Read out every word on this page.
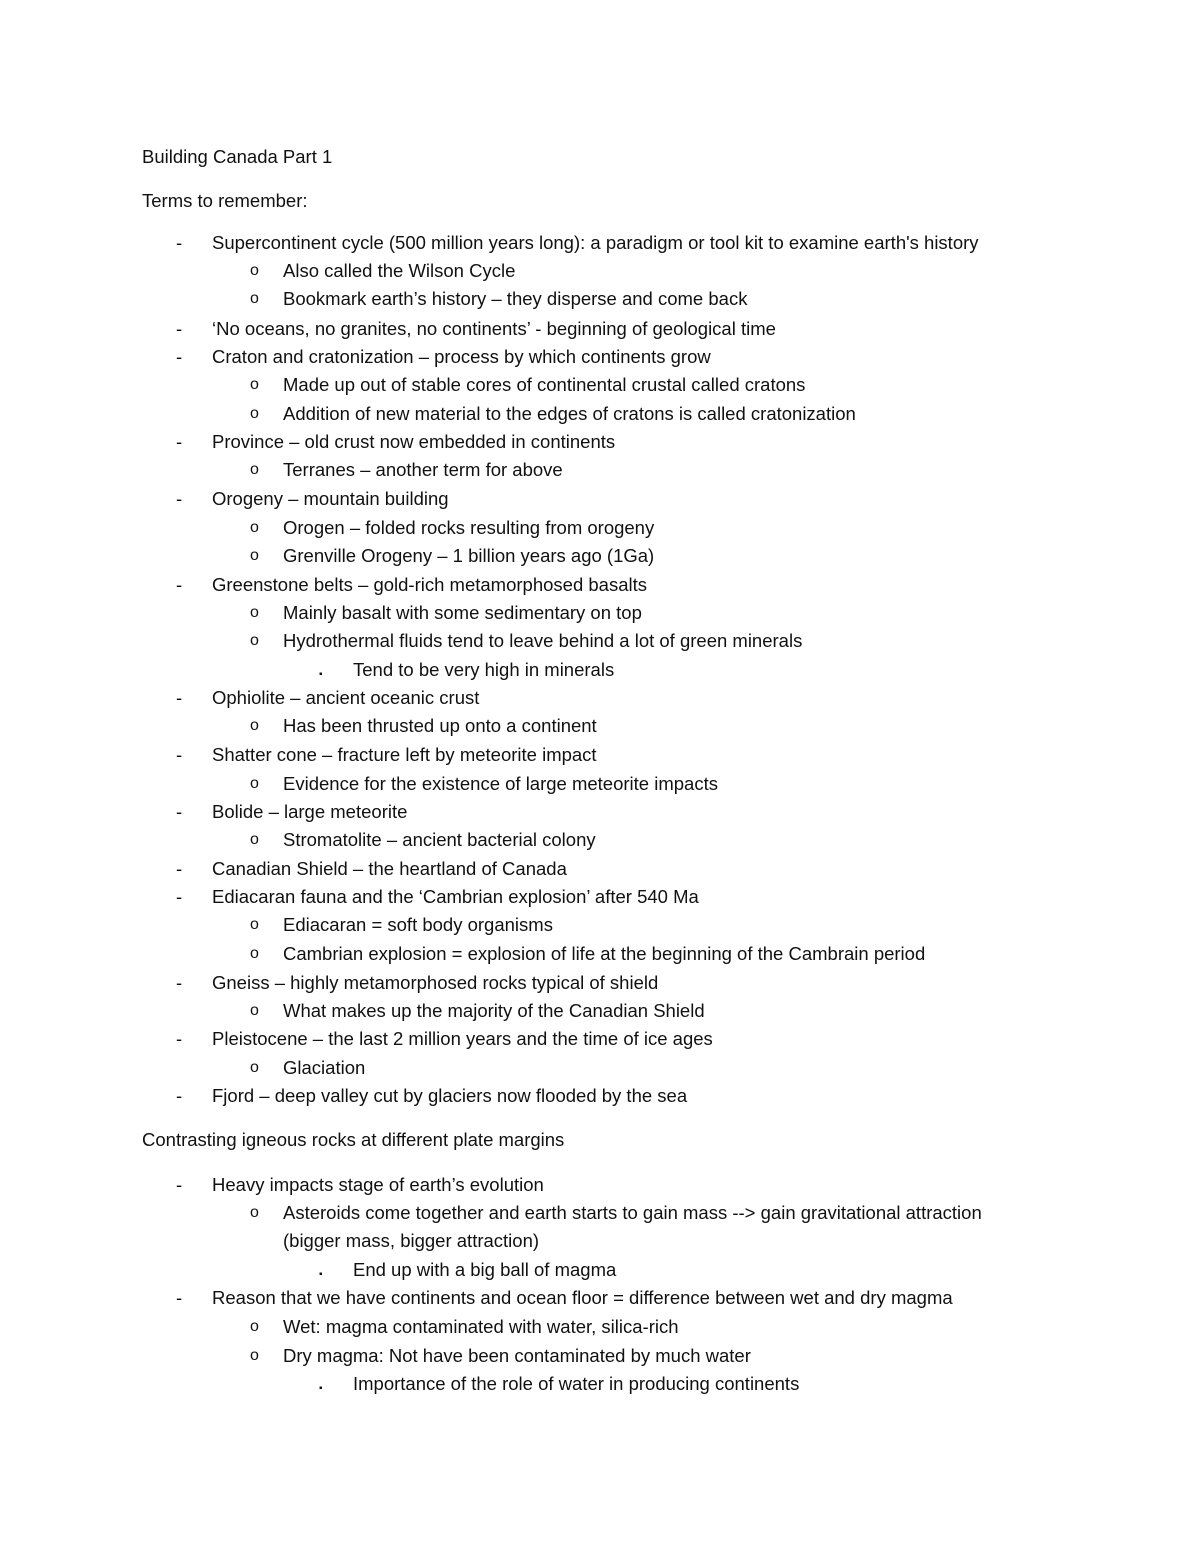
Building Canada Part 1
Terms to remember:
- Supercontinent cycle (500 million years long): a paradigm or tool kit to examine earth's history
o Also called the Wilson Cycle
o Bookmark earth’s history – they disperse and come back
- ‘No oceans, no granites, no continents’ - beginning of geological time
- Craton and cratonization – process by which continents grow
o Made up out of stable cores of continental crustal called cratons
o Addition of new material to the edges of cratons is called cratonization
- Province – old crust now embedded in continents
o Terranes – another term for above
- Orogeny – mountain building
o Orogen – folded rocks resulting from orogeny
o Grenville Orogeny – 1 billion years ago (1Ga)
- Greenstone belts – gold-rich metamorphosed basalts
o Mainly basalt with some sedimentary on top
o Hydrothermal fluids tend to leave behind a lot of green minerals
▪ Tend to be very high in minerals
- Ophiolite – ancient oceanic crust
o Has been thrusted up onto a continent
- Shatter cone – fracture left by meteorite impact
o Evidence for the existence of large meteorite impacts
- Bolide – large meteorite
o Stromatolite – ancient bacterial colony
- Canadian Shield – the heartland of Canada
- Ediacaran fauna and the ‘Cambrian explosion’ after 540 Ma
o Ediacaran = soft body organisms
o Cambrian explosion = explosion of life at the beginning of the Cambrain period
- Gneiss – highly metamorphosed rocks typical of shield
o What makes up the majority of the Canadian Shield
- Pleistocene – the last 2 million years and the time of ice ages
o Glaciation
- Fjord – deep valley cut by glaciers now flooded by the sea
Contrasting igneous rocks at different plate margins
- Heavy impacts stage of earth’s evolution
o Asteroids come together and earth starts to gain mass --> gain gravitational attraction
(bigger mass, bigger attraction)
▪ End up with a big ball of magma
- Reason that we have continents and ocean floor = difference between wet and dry magma
o Wet: magma contaminated with water, silica-rich
o Dry magma: Not have been contaminated by much water
▪ Importance of the role of water in producing continents
